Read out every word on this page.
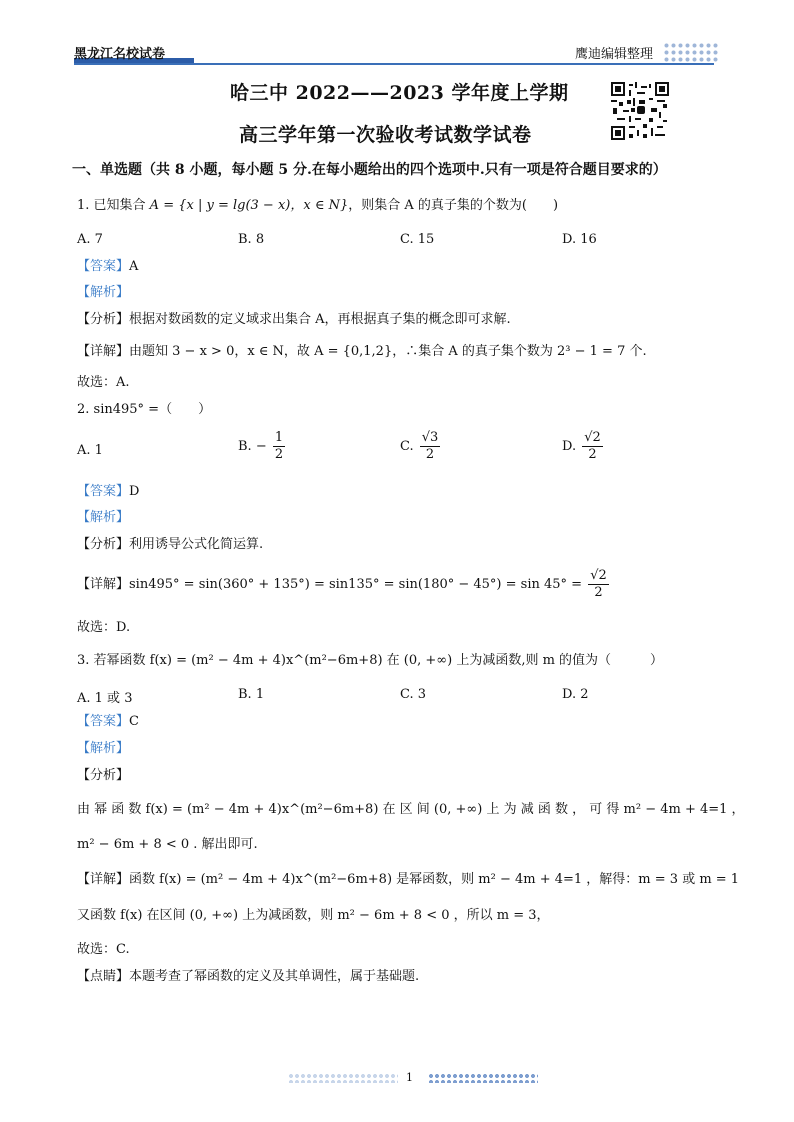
黑龙江名校试卷	鹰迪编辑整理
哈三中 2022——2023 学年度上学期
高三学年第一次验收考试数学试卷
一、单选题（共 8 小题，每小题 5 分.在每小题给出的四个选项中.只有一项是符合题目要求的）
1. 已知集合 A = {x | y = lg(3 − x)，x ∈ N}，则集合 A 的真子集的个数为(　　)
A. 7	B. 8	C. 15	D. 16
【答案】A
【解析】
【分析】根据对数函数的定义域求出集合 A，再根据真子集的概念即可求解.
【详解】由题知 3 − x > 0，x ∈ N，故 A = {0,1,2}，∴集合 A 的真子集个数为 2³ − 1 = 7 个.
故选：A.
2. sin495° =（　　）
A. 1	B. − $\frac{1}{2}$	C. $\frac{√3}{2}$	D. $\frac{√2}{2}$
【答案】D
【解析】
【分析】利用诱导公式化简运算.
【详解】$\sin 495^\circ = \sin(360^\circ + 135^\circ) = \sin 135^\circ = \sin(180^\circ - 45^\circ) = \sin 45^\circ = \frac{√2}{2}$
故选：D.
3. 若幂函数 f(x) = (m² − 4m + 4)x^(m²−6m+8) 在 (0, +∞) 上为减函数,则 m 的值为（　　　）
A. 1 或 3	B. 1	C. 3	D. 2
【答案】C
【解析】
【分析】
由 幂 函 数 f(x) = (m² − 4m + 4)x^(m²−6m+8) 在 区 间 (0, +∞) 上 为 减 函 数 ， 可 得 m² − 4m + 4=1 ，
m² − 6m + 8 < 0 . 解出即可.
【详解】函数 f(x) = (m² − 4m + 4)x^(m²−6m+8) 是幂函数，则 m² − 4m + 4=1 ，解得：m = 3 或 m = 1
又函数 f(x) 在区间 (0, +∞) 上为减函数，则 m² − 6m + 8 < 0 ，所以 m = 3，
故选：C.
【点睛】本题考查了幂函数的定义及其单调性，属于基础题.
1
